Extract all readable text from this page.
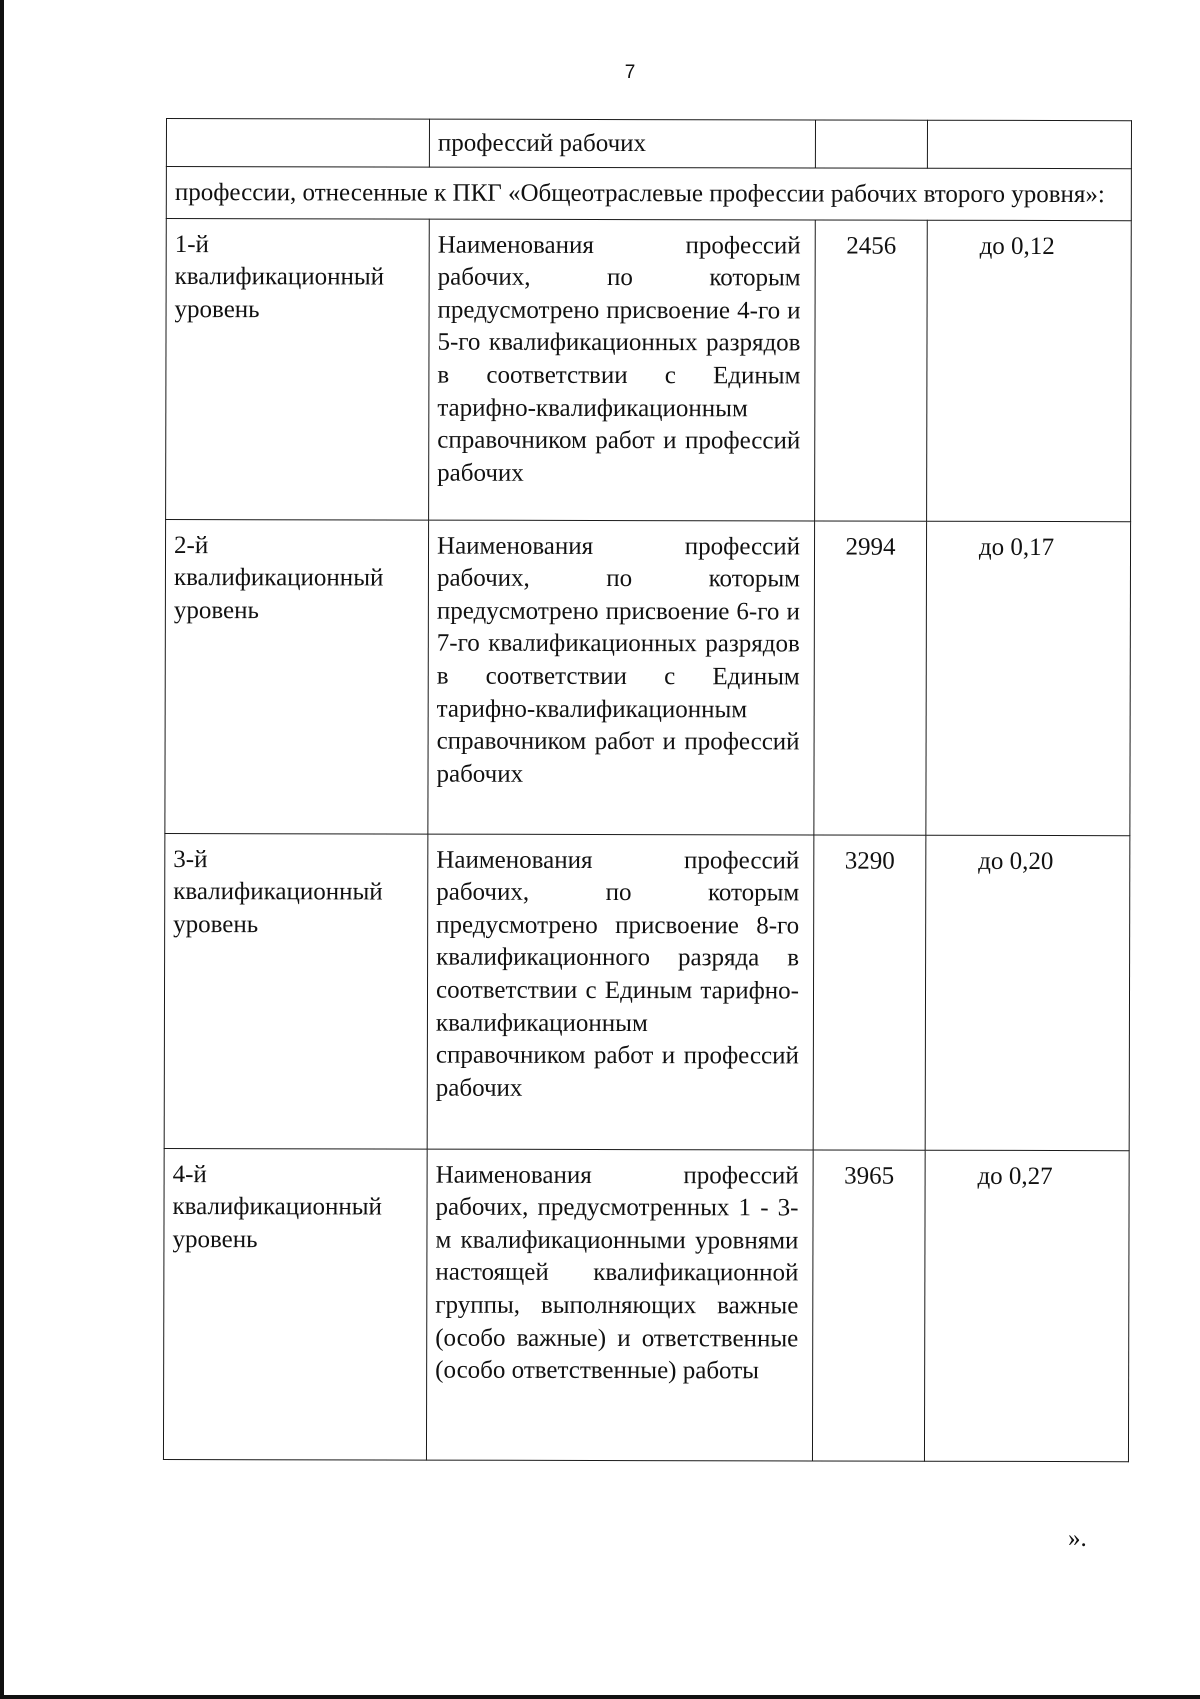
7
	профессий рабочих		
профессии, отнесенные к ПКГ «Общеотраслевые профессии рабочих второго уровня»:			
1-й квалификационный уровень	Наименования профессий рабочих, по которым предусмотрено присвоение 4-го и 5-го квалификационных разрядов в соответствии с Единым тарифно-квалификационным справочником работ и профессий рабочих	2456	до 0,12
2-й квалификационный уровень	Наименования профессий рабочих, по которым предусмотрено присвоение 6-го и 7-го квалификационных разрядов в соответствии с Единым тарифно-квалификационным справочником работ и профессий рабочих	2994	до 0,17
3-й квалификационный уровень	Наименования профессий рабочих, по которым предусмотрено присвоение 8-го квалификационного разряда в соответствии с Единым тарифно-квалификационным справочником работ и профессий рабочих	3290	до 0,20
4-й квалификационный уровень	Наименования профессий рабочих, предусмотренных 1 - 3-м квалификационными уровнями настоящей квалификационной группы, выполняющих важные (особо важные) и ответственные (особо ответственные) работы	3965	до 0,27
».
